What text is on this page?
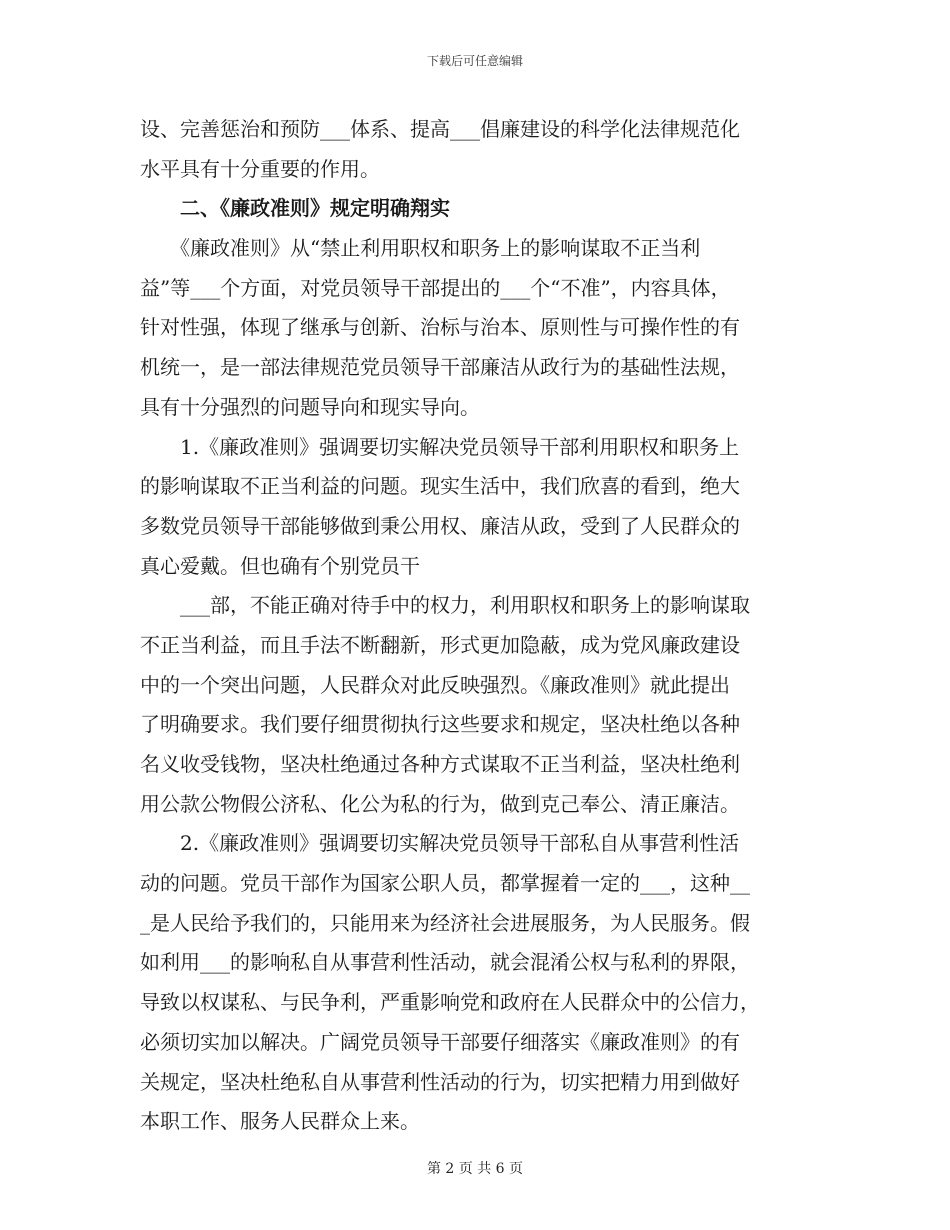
下载后可任意编辑
设、完善惩治和预防___体系、提高___倡廉建设的科学化法律规范化
水平具有十分重要的作用。
二、《廉政准则》规定明确翔实
《廉政准则》从“禁止利用职权和职务上的影响谋取不正当利
益”等___个方面，对党员领导干部提出的___个“不准”，内容具体，
针对性强，体现了继承与创新、治标与治本、原则性与可操作性的有
机统一，是一部法律规范党员领导干部廉洁从政行为的基础性法规，
具有十分强烈的问题导向和现实导向。
1.《廉政准则》强调要切实解决党员领导干部利用职权和职务上
的影响谋取不正当利益的问题。现实生活中，我们欣喜的看到，绝大
多数党员领导干部能够做到秉公用权、廉洁从政，受到了人民群众的
真心爱戴。但也确有个别党员干
___部，不能正确对待手中的权力，利用职权和职务上的影响谋取
不正当利益，而且手法不断翻新，形式更加隐蔽，成为党风廉政建设
中的一个突出问题，人民群众对此反映强烈。《廉政准则》就此提出
了明确要求。我们要仔细贯彻执行这些要求和规定，坚决杜绝以各种
名义收受钱物，坚决杜绝通过各种方式谋取不正当利益，坚决杜绝利
用公款公物假公济私、化公为私的行为，做到克己奉公、清正廉洁。
2.《廉政准则》强调要切实解决党员领导干部私自从事营利性活
动的问题。党员干部作为国家公职人员，都掌握着一定的___，这种__
_是人民给予我们的，只能用来为经济社会进展服务，为人民服务。假
如利用___的影响私自从事营利性活动，就会混淆公权与私利的界限，
导致以权谋私、与民争利，严重影响党和政府在人民群众中的公信力，
必须切实加以解决。广阔党员领导干部要仔细落实《廉政准则》的有
关规定，坚决杜绝私自从事营利性活动的行为，切实把精力用到做好
本职工作、服务人民群众上来。
第 2 页 共 6 页
